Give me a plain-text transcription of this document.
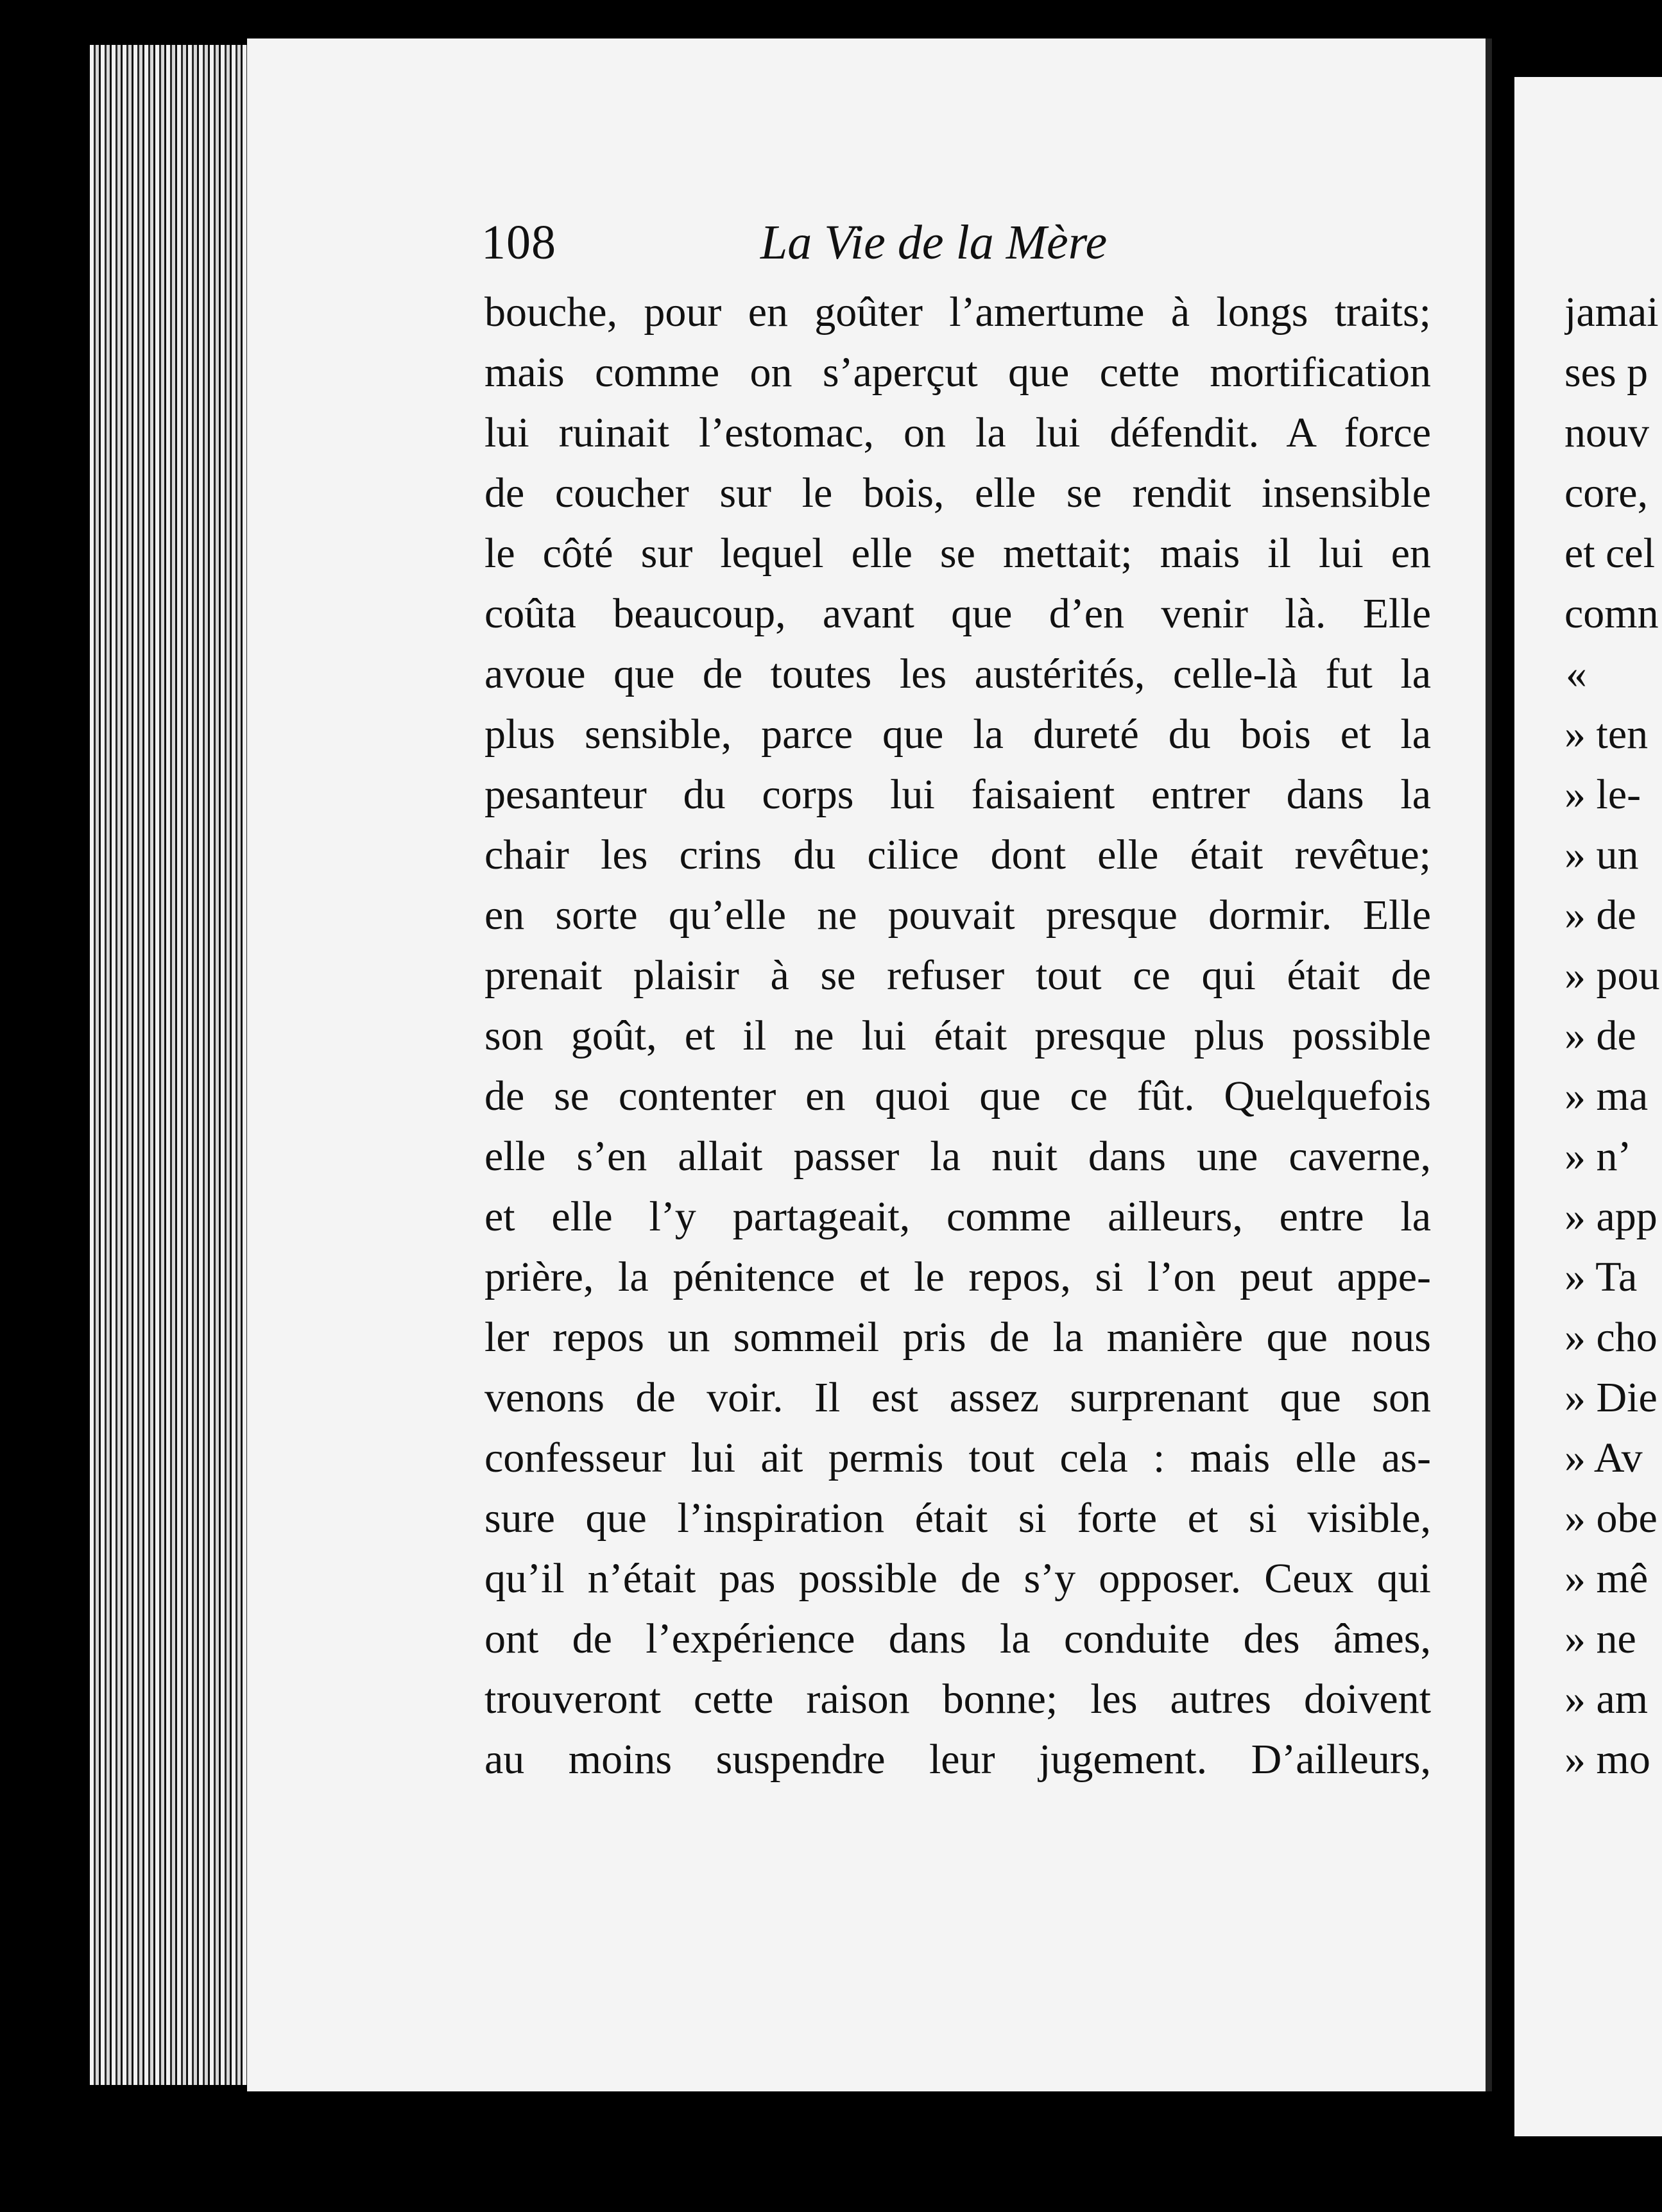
108	La Vie de la Mère
bouche, pour en goûter l’amertume à longs traits;
mais comme on s’aperçut que cette mortification
lui ruinait l’estomac, on la lui défendit. A force
de coucher sur le bois, elle se rendit insensible
le côté sur lequel elle se mettait; mais il lui en
coûta beaucoup, avant que d’en venir là. Elle
avoue que de toutes les austérités, celle-là fut la
plus sensible, parce que la dureté du bois et la
pesanteur du corps lui faisaient entrer dans la
chair les crins du cilice dont elle était revêtue;
en sorte qu’elle ne pouvait presque dormir. Elle
prenait plaisir à se refuser tout ce qui était de
son goût, et il ne lui était presque plus possible
de se contenter en quoi que ce fût. Quelquefois
elle s’en allait passer la nuit dans une caverne,
et elle l’y partageait, comme ailleurs, entre la
prière, la pénitence et le repos, si l’on peut appe-
ler repos un sommeil pris de la manière que nous
venons de voir. Il est assez surprenant que son
confesseur lui ait permis tout cela : mais elle as-
sure que l’inspiration était si forte et si visible,
qu’il n’était pas possible de s’y opposer. Ceux qui
ont de l’expérience dans la conduite des âmes,
trouveront cette raison bonne; les autres doivent
au moins suspendre leur jugement. D’ailleurs,
jamai
ses p
nouv
core,
et cel
comn
«
» ten
» le-
» un
» de
» pou
» de
» ma
» n’
» app
» Ta
» cho
» Die
» Av
» obe
» mê
» ne
» am
» mo
